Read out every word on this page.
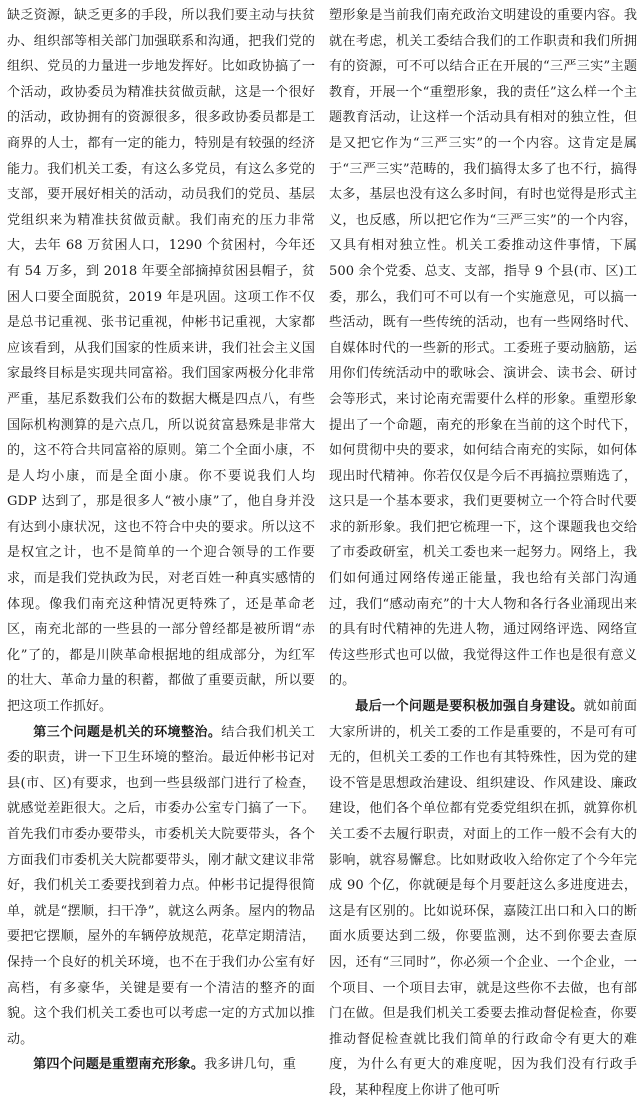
缺乏资源，缺乏更多的手段，所以我们要主动与扶贫办、组织部等相关部门加强联系和沟通，把我们党的组织、党员的力量进一步地发挥好。比如政协搞了一个活动，政协委员为精准扶贫做贡献，这是一个很好的活动，政协拥有的资源很多，很多政协委员都是工商界的人士，都有一定的能力，特别是有较强的经济能力。我们机关工委，有这么多党员，有这么多党的支部，要开展好相关的活动，动员我们的党员、基层党组织来为精准扶贫做贡献。我们南充的压力非常大，去年 68 万贫困人口，1290 个贫困村，今年还有 54 万多，到 2018 年要全部摘掉贫困县帽子，贫困人口要全面脱贫，2019 年是巩固。这项工作不仅是总书记重视、张书记重视，仲彬书记重视，大家都应该看到，从我们国家的性质来讲，我们社会主义国家最终目标是实现共同富裕。我们国家两极分化非常严重，基尼系数我们公布的数据大概是四点八，有些国际机构测算的是六点几，所以说贫富悬殊是非常大的，这不符合共同富裕的原则。第二个全面小康，不是人均小康，而是全面小康。你不要说我们人均 GDP 达到了，那是很多人“被小康”了，他自身并没有达到小康状况，这也不符合中央的要求。所以这不是权宜之计，也不是简单的一个迎合领导的工作要求，而是我们党执政为民，对老百姓一种真实感情的体现。像我们南充这种情况更特殊了，还是革命老区，南充北部的一些县的一部分曾经都是被所谓“赤化”了的，都是川陕革命根据地的组成部分，为红军的壮大、革命力量的积蓄，都做了重要贡献，所以要把这项工作抓好。

第三个问题是机关的环境整治。结合我们机关工委的职责，讲一下卫生环境的整治。最近仲彬书记对县(市、区)有要求，也到一些县级部门进行了检查，就感觉差距很大。之后，市委办公室专门搞了一下。首先我们市委办要带头，市委机关大院要带头，各个方面我们市委机关大院都要带头，刚才献文建议非常好，我们机关工委要找到着力点。仲彬书记提得很简单，就是“摆顺，扫干净”，就这么两条。屋内的物品要把它摆顺，屋外的车辆停放规范，花草定期清洁，保持一个良好的机关环境，也不在于我们办公室有好高档，有多豪华，关键是要有一个清洁的整齐的面貌。这个我们机关工委也可以考虑一定的方式加以推动。

第四个问题是重塑南充形象。我多讲几句，重

塑形象是当前我们南充政治文明建设的重要内容。我就在考虑，机关工委结合我们的工作职责和我们所拥有的资源，可不可以结合正在开展的“三严三实”主题教育，开展一个“重塑形象，我的责任”这么样一个主题教育活动，让这样一个活动具有相对的独立性，但是又把它作为“三严三实”的一个内容。这肯定是属于“三严三实”范畴的，我们搞得太多了也不行，搞得太多，基层也没有这么多时间，有时也觉得是形式主义，也反感，所以把它作为“三严三实”的一个内容，又具有相对独立性。机关工委推动这件事情，下属 500 余个党委、总支、支部，指导 9 个县(市、区)工委，那么，我们可不可以有一个实施意见，可以搞一些活动，既有一些传统的活动，也有一些网络时代、自媒体时代的一些新的形式。工委班子要动脑筋，运用你们传统活动中的歌咏会、演讲会、读书会、研讨会等形式，来讨论南充需要什么样的形象。重塑形象提出了一个命题，南充的形象在当前的这个时代下，如何贯彻中央的要求，如何结合南充的实际，如何体现出时代精神。你若仅仅是今后不再搞拉票贿选了，这只是一个基本要求，我们更要树立一个符合时代要求的新形象。我们把它梳理一下，这个课题我也交给了市委政研室，机关工委也来一起努力。网络上，我们如何通过网络传递正能量，我也给有关部门沟通过，我们“感动南充”的十大人物和各行各业涌现出来的具有时代精神的先进人物，通过网络评选、网络宣传这些形式也可以做，我觉得这件工作也是很有意义的。

最后一个问题是要积极加强自身建设。就如前面大家所讲的，机关工委的工作是重要的，不是可有可无的，但机关工委的工作也有其特殊性，因为党的建设不管是思想政治建设、组织建设、作风建设、廉政建设，他们各个单位都有党委党组织在抓，就算你机关工委不去履行职责，对面上的工作一般不会有大的影响，就容易懈怠。比如财政收入给你定了个今年完成 90 个亿，你就硬是每个月要赶这么多进度进去，这是有区别的。比如说环保，嘉陵江出口和入口的断面水质要达到二级，你要监测，达不到你要去查原因，还有“三同时”，你必须一个企业、一个企业，一个项目、一个项目去审，就是这些你不去做，也有部门在做。但是我们机关工委要去推动督促检查，你要推动督促检查就比我们简单的行政命令有更大的难度，为什么有更大的难度呢，因为我们没有行政手段，某种程度上你讲了他可听
